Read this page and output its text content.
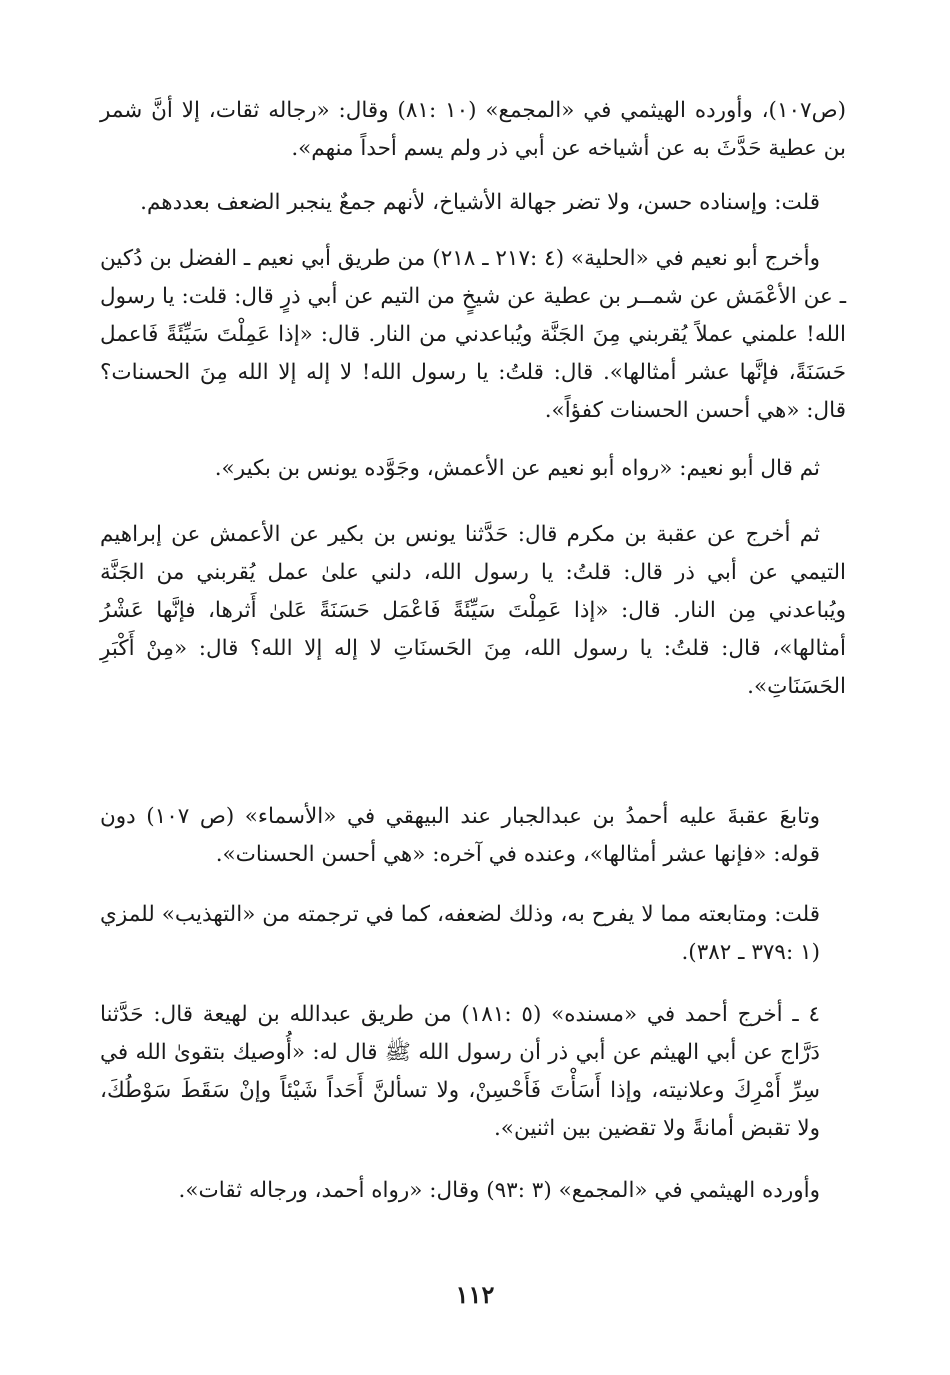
(ص١٠٧)، وأورده الهيثمي في «المجمع» (١٠ :٨١) وقال: «رجاله ثقات، إلا أنَّ شمر بن عطية حَدَّثَ به عن أشياخه عن أبي ذر ولم يسم أحداً منهم».

قلت: وإسناده حسن، ولا تضر جهالة الأشياخ، لأنهم جمعٌ ينجبر الضعف بعددهم.

وأخرج أبو نعيم في «الحلية» (٤ :٢١٧ ـ ٢١٨) من طريق أبي نعيم ـ الفضل بن دُكين ـ عن الأعْمَش عن شمــر بن عطية عن شيخٍ من التيم عن أبي ذرٍ قال: قلت: يا رسول الله! علمني عملاً يُقربني مِنَ الجَنَّة ويُباعدني من النار. قال: «إذا عَمِلْتَ سَيِّئَةً فَاعمل حَسَنَةً، فإنَّها عشر أمثالها». قال: قلتُ: يا رسول الله! لا إله إلا الله مِنَ الحسنات؟ قال: «هي أحسن الحسنات كفؤاً».

ثم قال أبو نعيم: «رواه أبو نعيم عن الأعمش، وجَوَّده يونس بن بكير».

ثم أخرج عن عقبة بن مكرم قال: حَدَّثنا يونس بن بكير عن الأعمش عن إبراهيم التيمي عن أبي ذر قال: قلتُ: يا رسول الله، دلني علىٰ عمل يُقربني من الجَنَّة ويُباعدني مِن النار. قال: «إذا عَمِلْتَ سَيِّئَةً فَاعْمَل حَسَنَةً عَلىٰ أَثرها، فإنَّها عَشْرُ أمثالها»، قال: قلتُ: يا رسول الله، مِنَ الحَسنَاتِ لا إله إلا الله؟ قال: «مِنْ أَكْبَرِ الحَسَنَاتِ».

وتابعَ عقبةَ عليه أحمدُ بن عبدالجبار عند البيهقي في «الأسماء» (ص ١٠٧) دون قوله: «فإنها عشر أمثالها»، وعنده في آخره: «هي أحسن الحسنات».

قلت: ومتابعته مما لا يفرح به، وذلك لضعفه، كما في ترجمته من «التهذيب» للمزي (١ :٣٧٩ ـ ٣٨٢).

٤ ـ أخرج أحمد في «مسنده» (٥ :١٨١) من طريق عبدالله بن لهيعة قال: حَدَّثنا دَرَّاج عن أبي الهيثم عن أبي ذر أن رسول الله ﷺ قال له: «أُوصيك بتقوىٰ الله في سِرِّ أَمْرِكَ وعلانيته، وإذا أَسَأْتَ فَأَحْسِنْ، ولا تسألنَّ أَحَداً شَيْئاً وإنْ سَقَطَ سَوْطُكَ، ولا تقبض أمانةً ولا تقضين بين اثنين».

وأورده الهيثمي في «المجمع» (٣ :٩٣) وقال: «رواه أحمد، ورجاله ثقات».

١١٢
